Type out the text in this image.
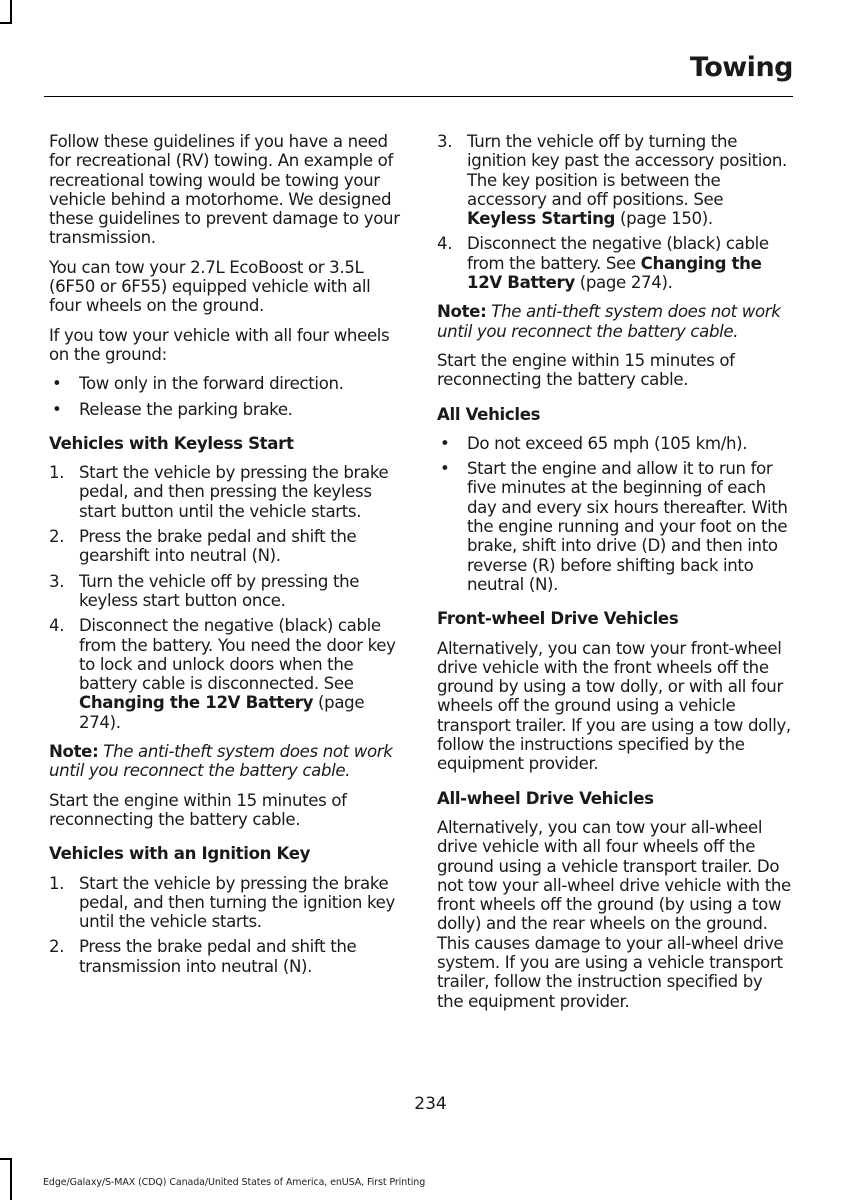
Towing

Follow these guidelines if you have a need for recreational (RV) towing. An example of recreational towing would be towing your vehicle behind a motorhome. We designed these guidelines to prevent damage to your transmission.

You can tow your 2.7L EcoBoost or 3.5L (6F50 or 6F55) equipped vehicle with all four wheels on the ground.

If you tow your vehicle with all four wheels on the ground:

• Tow only in the forward direction.
• Release the parking brake.
Vehicles with Keyless Start
1. Start the vehicle by pressing the brake pedal, and then pressing the keyless start button until the vehicle starts.
2. Press the brake pedal and shift the gearshift into neutral (N).
3. Turn the vehicle off by pressing the keyless start button once.
4. Disconnect the negative (black) cable from the battery. You need the door key to lock and unlock doors when the battery cable is disconnected. See Changing the 12V Battery (page 274).

Note: The anti-theft system does not work until you reconnect the battery cable.

Start the engine within 15 minutes of reconnecting the battery cable.

Vehicles with an Ignition Key
1. Start the vehicle by pressing the brake pedal, and then turning the ignition key until the vehicle starts.
2. Press the brake pedal and shift the transmission into neutral (N).
3. Turn the vehicle off by turning the ignition key past the accessory position. The key position is between the accessory and off positions. See Keyless Starting (page 150).
4. Disconnect the negative (black) cable from the battery. See Changing the 12V Battery (page 274).

Note: The anti-theft system does not work until you reconnect the battery cable.

Start the engine within 15 minutes of reconnecting the battery cable.

All Vehicles
• Do not exceed 65 mph (105 km/h).
• Start the engine and allow it to run for five minutes at the beginning of each day and every six hours thereafter. With the engine running and your foot on the brake, shift into drive (D) and then into reverse (R) before shifting back into neutral (N).
Front-wheel Drive Vehicles

Alternatively, you can tow your front-wheel drive vehicle with the front wheels off the ground by using a tow dolly, or with all four wheels off the ground using a vehicle transport trailer. If you are using a tow dolly, follow the instructions specified by the equipment provider.

All-wheel Drive Vehicles

Alternatively, you can tow your all-wheel drive vehicle with all four wheels off the ground using a vehicle transport trailer. Do not tow your all-wheel drive vehicle with the front wheels off the ground (by using a tow dolly) and the rear wheels on the ground. This causes damage to your all-wheel drive system. If you are using a vehicle transport trailer, follow the instruction specified by the equipment provider.

234
Edge/Galaxy/S-MAX (CDQ) Canada/United States of America, enUSA, First Printing
